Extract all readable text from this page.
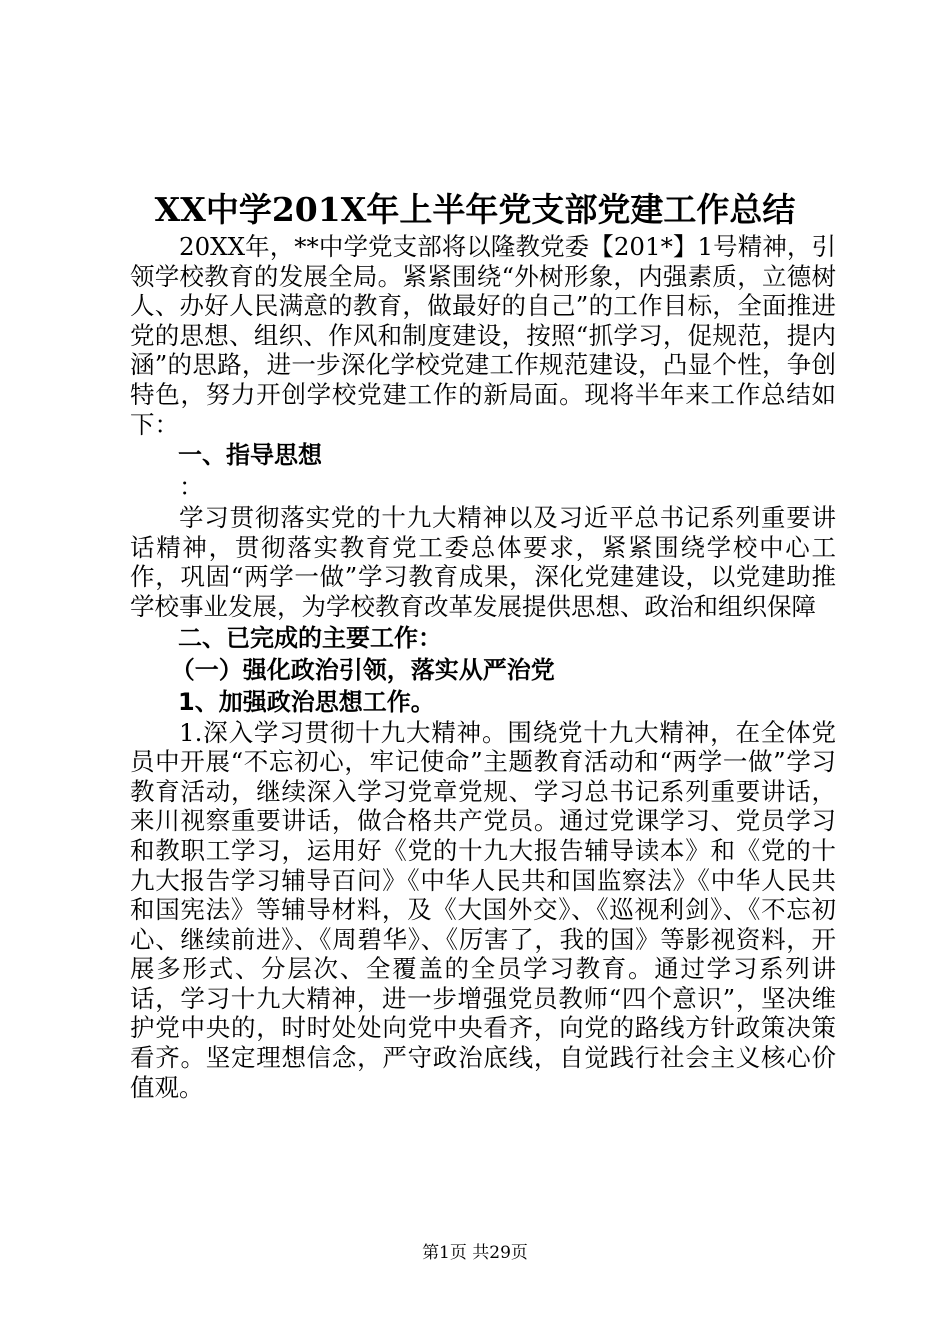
XX中学201X年上半年党支部党建工作总结

20XX年，**中学党支部将以隆教党委【201*】1号精神，引领学校教育的发展全局。紧紧围绕“外树形象，内强素质，立德树人、办好人民满意的教育，做最好的自己”的工作目标，全面推进党的思想、组织、作风和制度建设，按照“抓学习，促规范，提内涵”的思路，进一步深化学校党建工作规范建设，凸显个性，争创特色，努力开创学校党建工作的新局面。现将半年来工作总结如下：

一、指导思想

：

学习贯彻落实党的十九大精神以及习近平总书记系列重要讲话精神，贯彻落实教育党工委总体要求，紧紧围绕学校中心工作，巩固“两学一做”学习教育成果，深化党建建设，以党建助推学校事业发展，为学校教育改革发展提供思想、政治和组织保障

二、已完成的主要工作：

（一）强化政治引领，落实从严治党

1、加强政治思想工作。

1.深入学习贯彻十九大精神。围绕党十九大精神，在全体党员中开展“不忘初心，牢记使命”主题教育活动和“两学一做”学习教育活动，继续深入学习党章党规、学习总书记系列重要讲话，来川视察重要讲话，做合格共产党员。通过党课学习、党员学习和教职工学习，运用好《党的十九大报告辅导读本》和《党的十九大报告学习辅导百问》《中华人民共和国监察法》《中华人民共和国宪法》等辅导材料，及《大国外交》、《巡视利剑》、《不忘初心、继续前进》、《周碧华》、《厉害了，我的国》等影视资料，开展多形式、分层次、全覆盖的全员学习教育。通过学习系列讲话，学习十九大精神，进一步增强党员教师“四个意识”，坚决维护党中央的，时时处处向党中央看齐，向党的路线方针政策决策看齐。坚定理想信念，严守政治底线，自觉践行社会主义核心价值观。

第1页 共29页
